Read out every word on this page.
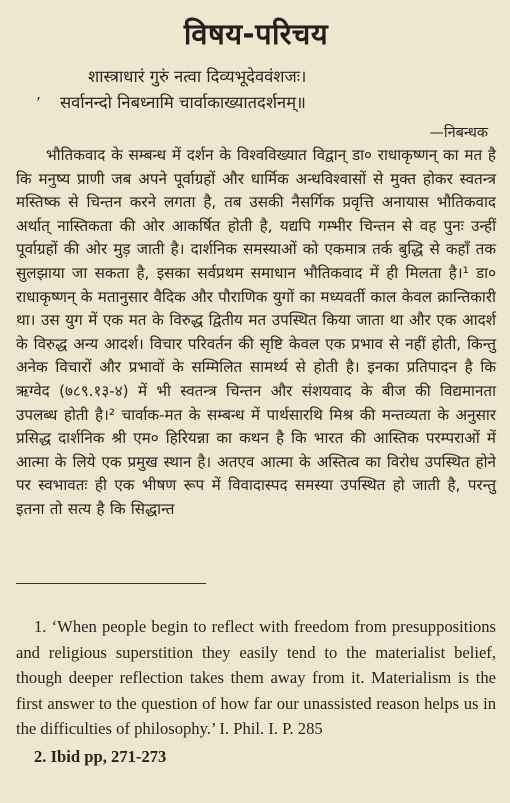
विषय-परिचय
शास्त्राधारं गुरुं नत्वा दिव्यभूदेववंशजः।
’ सर्वानन्दो निबध्नामि चार्वाकाख्यातदर्शनम्॥
—निबन्धक

भौतिकवाद के सम्बन्ध में दर्शन के विश्वविख्यात विद्वान् डा० राधाकृष्णन् का मत है कि मनुष्य प्राणी जब अपने पूर्वाग्रहों और धार्मिक अन्धविश्वासों से मुक्त होकर स्वतन्त्र मस्तिष्क से चिन्तन करने लगता है, तब उसकी नैसर्गिक प्रवृत्ति अनायास भौतिकवाद अर्थात् नास्तिकता की ओर आकर्षित होती है, यद्यपि गम्भीर चिन्तन से वह पुनः उन्हीं पूर्वाग्रहों की ओर मुड़ जाती है। दार्शनिक समस्याओं को एकमात्र तर्क बुद्धि से कहाँ तक सुलझाया जा सकता है, इसका सर्वप्रथम समाधान भौतिकवाद में ही मिलता है।¹ डा० राधाकृष्णन् के मतानुसार वैदिक और पौराणिक युगों का मध्यवर्ती काल केवल क्रान्तिकारी था। उस युग में एक मत के विरुद्ध द्वितीय मत उपस्थित किया जाता था और एक आदर्श के विरुद्ध अन्य आदर्श। विचार परिवर्तन की सृष्टि केवल एक प्रभाव से नहीं होती, किन्तु अनेक विचारों और प्रभावों के सम्मिलित सामर्थ्य से होती है। इनका प्रतिपादन है कि ऋग्वेद (७८९.१३-४) में भी स्वतन्त्र चिन्तन और संशयवाद के बीज की विद्यमानता उपलब्ध होती है।² चार्वाक-मत के सम्बन्ध में पार्थसारथि मिश्र की मन्तव्यता के अनुसार प्रसिद्ध दार्शनिक श्री एम० हिरियन्ना का कथन है कि भारत की आस्तिक परम्पराओं में आत्मा के लिये एक प्रमुख स्थान है। अतएव आत्मा के अस्तित्व का विरोध उपस्थित होने पर स्वभावतः ही एक भीषण रूप में विवादास्पद समस्या उपस्थित हो जाती है, परन्तु इतना तो सत्य है कि सिद्धान्त

1. ‘When people begin to reflect with freedom from presuppositions and religious superstition they easily tend to the materialist belief, though deeper reflection takes them away from it. Materialism is the first answer to the question of how far our unassisted reason helps us in the difficulties of philosophy.’ I. Phil. I. P. 285
2. Ibid pp, 271-273
